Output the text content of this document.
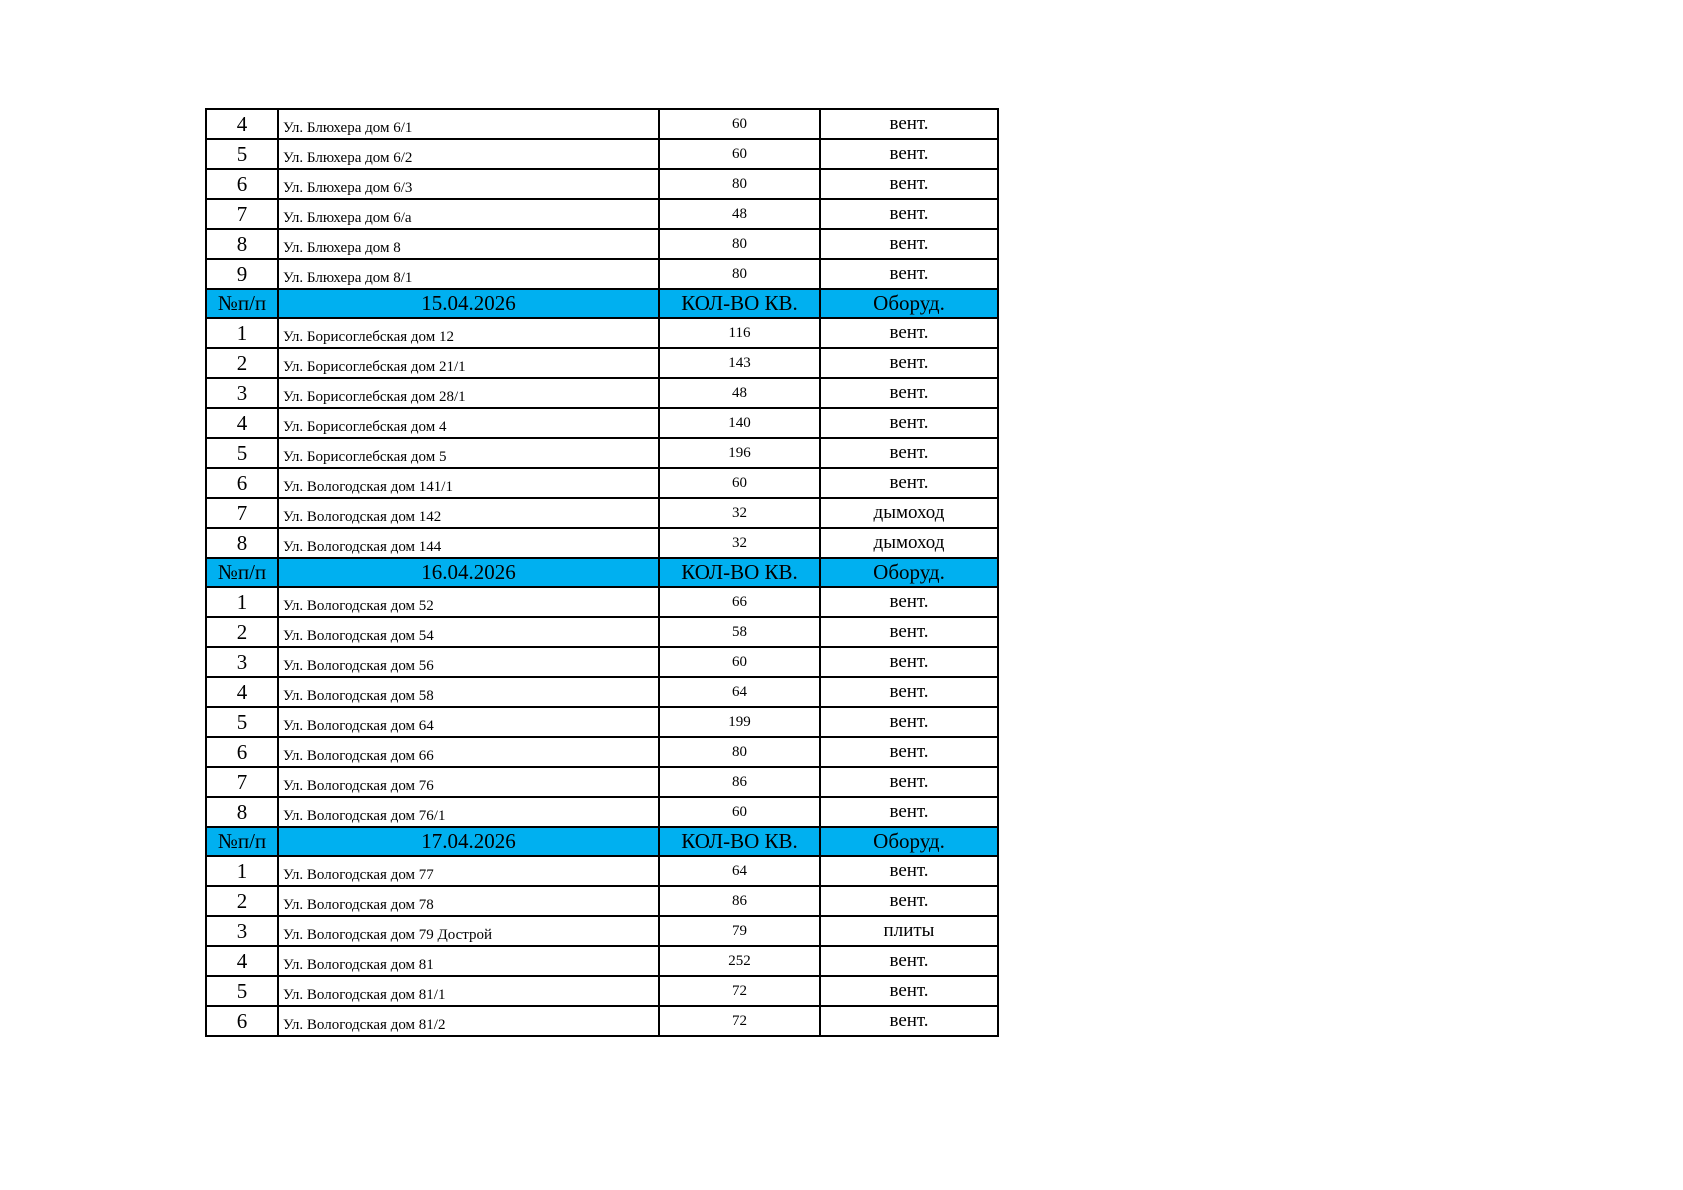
4	Ул. Блюхера дом 6/1	60	вент.
5	Ул. Блюхера дом 6/2	60	вент.
6	Ул. Блюхера дом 6/3	80	вент.
7	Ул. Блюхера дом 6/а	48	вент.
8	Ул. Блюхера дом 8	80	вент.
9	Ул. Блюхера дом 8/1	80	вент.
№п/п	15.04.2026	КОЛ-ВО КВ.	Оборуд.
1	Ул. Борисоглебская дом 12	116	вент.
2	Ул. Борисоглебская дом 21/1	143	вент.
3	Ул. Борисоглебская дом 28/1	48	вент.
4	Ул. Борисоглебская дом 4	140	вент.
5	Ул. Борисоглебская дом 5	196	вент.
6	Ул. Вологодская дом 141/1	60	вент.
7	Ул. Вологодская дом 142	32	дымоход
8	Ул. Вологодская дом 144	32	дымоход
№п/п	16.04.2026	КОЛ-ВО КВ.	Оборуд.
1	Ул. Вологодская дом 52	66	вент.
2	Ул. Вологодская дом 54	58	вент.
3	Ул. Вологодская дом 56	60	вент.
4	Ул. Вологодская дом 58	64	вент.
5	Ул. Вологодская дом 64	199	вент.
6	Ул. Вологодская дом 66	80	вент.
7	Ул. Вологодская дом 76	86	вент.
8	Ул. Вологодская дом 76/1	60	вент.
№п/п	17.04.2026	КОЛ-ВО КВ.	Оборуд.
1	Ул. Вологодская дом 77	64	вент.
2	Ул. Вологодская дом 78	86	вент.
3	Ул. Вологодская дом 79 Дострой	79	плиты
4	Ул. Вологодская дом 81	252	вент.
5	Ул. Вологодская дом 81/1	72	вент.
6	Ул. Вологодская дом 81/2	72	вент.
